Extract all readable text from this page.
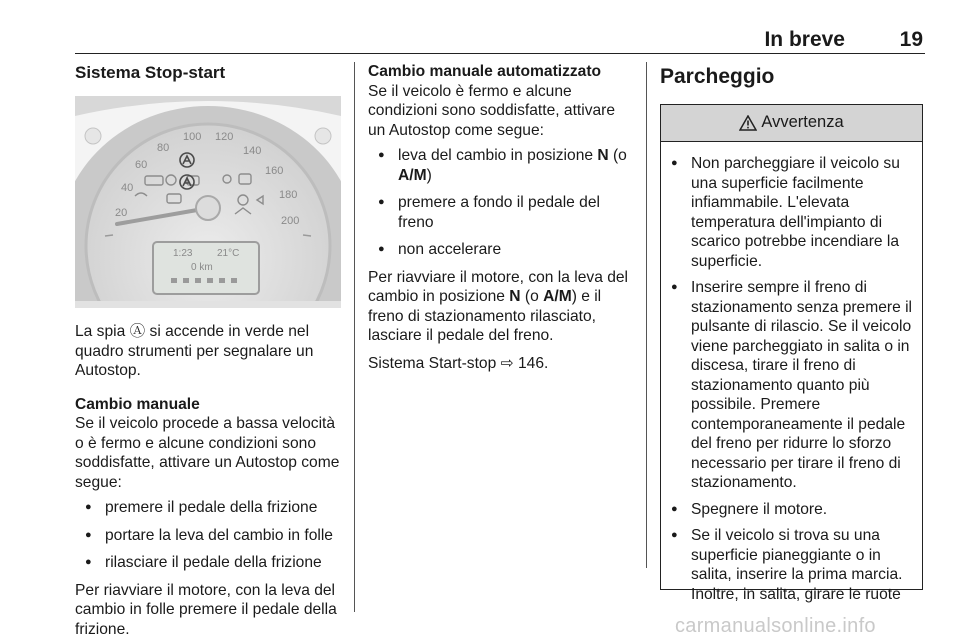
In breve	19
Sistema Stop-start
20
40
60
80
100 120
140
160
180
200
1:23 21°C
0 km

La spia Ⓐ si accende in verde nel quadro strumenti per segnalare un Autostop.

Cambio manuale

Se il veicolo procede a bassa velocità o è fermo e alcune condizioni sono soddisfatte, attivare un Autostop come segue:

● premere il pedale della frizione
● portare la leva del cambio in folle
● rilasciare il pedale della frizione

Per riavviare il motore, con la leva del cambio in folle premere il pedale della frizione.

Cambio manuale automatizzato

Se il veicolo è fermo e alcune condizioni sono soddisfatte, attivare un Autostop come segue:

● leva del cambio in posizione N (o A/M)
● premere a fondo il pedale del freno
● non accelerare

Per riavviare il motore, con la leva del cambio in posizione N (o A/M) e il freno di stazionamento rilasciato, lasciare il pedale del freno.

Sistema Start-stop ⇨ 146.

Parcheggio
Avvertenza
● Non parcheggiare il veicolo su una superficie facilmente infiammabile. L'elevata temperatura dell'impianto di scarico potrebbe incendiare la superficie.
● Inserire sempre il freno di stazionamento senza premere il pulsante di rilascio. Se il veicolo viene parcheggiato in salita o in discesa, tirare il freno di stazionamento quanto più possibile. Premere contemporaneamente il pedale del freno per ridurre lo sforzo necessario per tirare il freno di stazionamento.
● Spegnere il motore.
● Se il veicolo si trova su una superficie pianeggiante o in salita, inserire la prima marcia. Inoltre, in salita, girare le ruote
carmanualsonline.info
